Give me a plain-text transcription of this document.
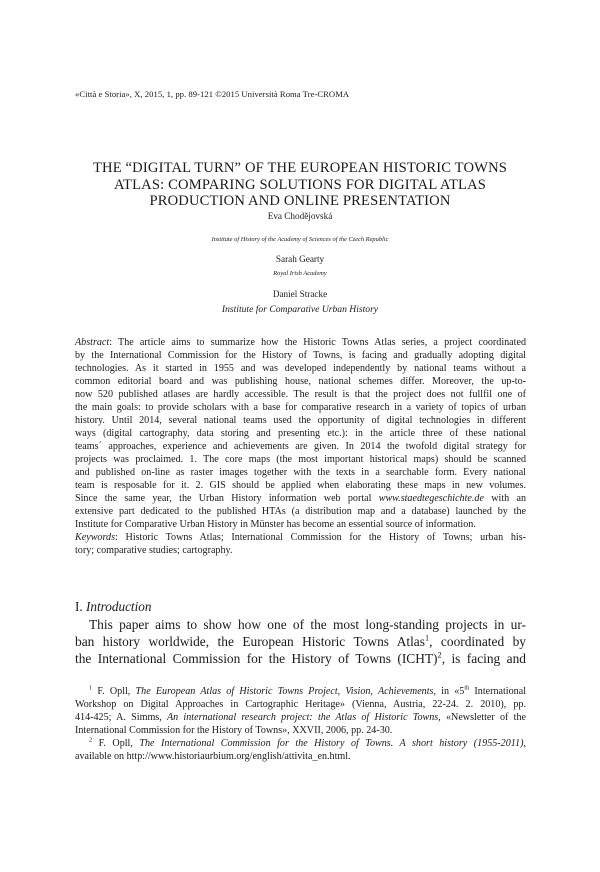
«Città e Storia», X, 2015, 1, pp. 89-121 ©2015 Università Roma Tre-CROMA
THE “DIGITAL TURN” OF THE EUROPEAN HISTORIC TOWNS
ATLAS: COMPARING SOLUTIONS FOR DIGITAL ATLAS
PRODUCTION AND ONLINE PRESENTATION
Eva Chodějovská
Institute of History of the Academy of Sciences of the Czech Republic
Sarah Gearty
Royal Irish Academy
Daniel Stracke
Institute for Comparative Urban History
Abstract: The article aims to summarize how the Historic Towns Atlas series, a project coordinated
by the International Commission for the History of Towns, is facing and gradually adopting digital
technologies. As it started in 1955 and was developed independently by national teams without a
common editorial board and was publishing house, national schemes differ. Moreover, the up-to-
now 520 published atlases are hardly accessible. The result is that the project does not fullfil one of
the main goals: to provide scholars with a base for comparative research in a variety of topics of urban
history. Until 2014, several national teams used the opportunity of digital technologies in different
ways (digital cartography, data storing and presenting etc.): in the article three of these national
teams´ approaches, experience and achievements are given. In 2014 the twofold digital strategy for
projects was proclaimed. 1. The core maps (the most important historical maps) should be scanned
and published on-line as raster images together with the texts in a searchable form. Every national
team is resposable for it. 2. GIS should be applied when elaborating these maps in new volumes.
Since the same year, the Urban History information web portal www.staedtegeschichte.de with an
extensive part dedicated to the published HTAs (a distribution map and a database) launched by the
Institute for Comparative Urban History in Münster has become an essential source of information.
Keywords: Historic Towns Atlas; International Commission for the History of Towns; urban his-
tory; comparative studies; cartography.
I. Introduction
This paper aims to show how one of the most long-standing projects in ur-
ban history worldwide, the European Historic Towns Atlas$^1$, coordinated by
the International Commission for the History of Towns (ICHT)$^2$, is facing and
$^1$ F. Opll, The European Atlas of Historic Towns Project, Vision, Achievements, in «5th International
Workshop on Digital Approaches in Cartographic Heritage» (Vienna, Austria, 22-24. 2. 2010), pp.
414-425; A. Simms, An international research project: the Atlas of Historic Towns, «Newsletter of the
International Commission for the History of Towns», XXVII, 2006, pp. 24-30.
$^2$ F. Opll, The International Commission for the History of Towns. A short history (1955-2011),
available on http://www.historiaurbium.org/english/attivita_en.html.
